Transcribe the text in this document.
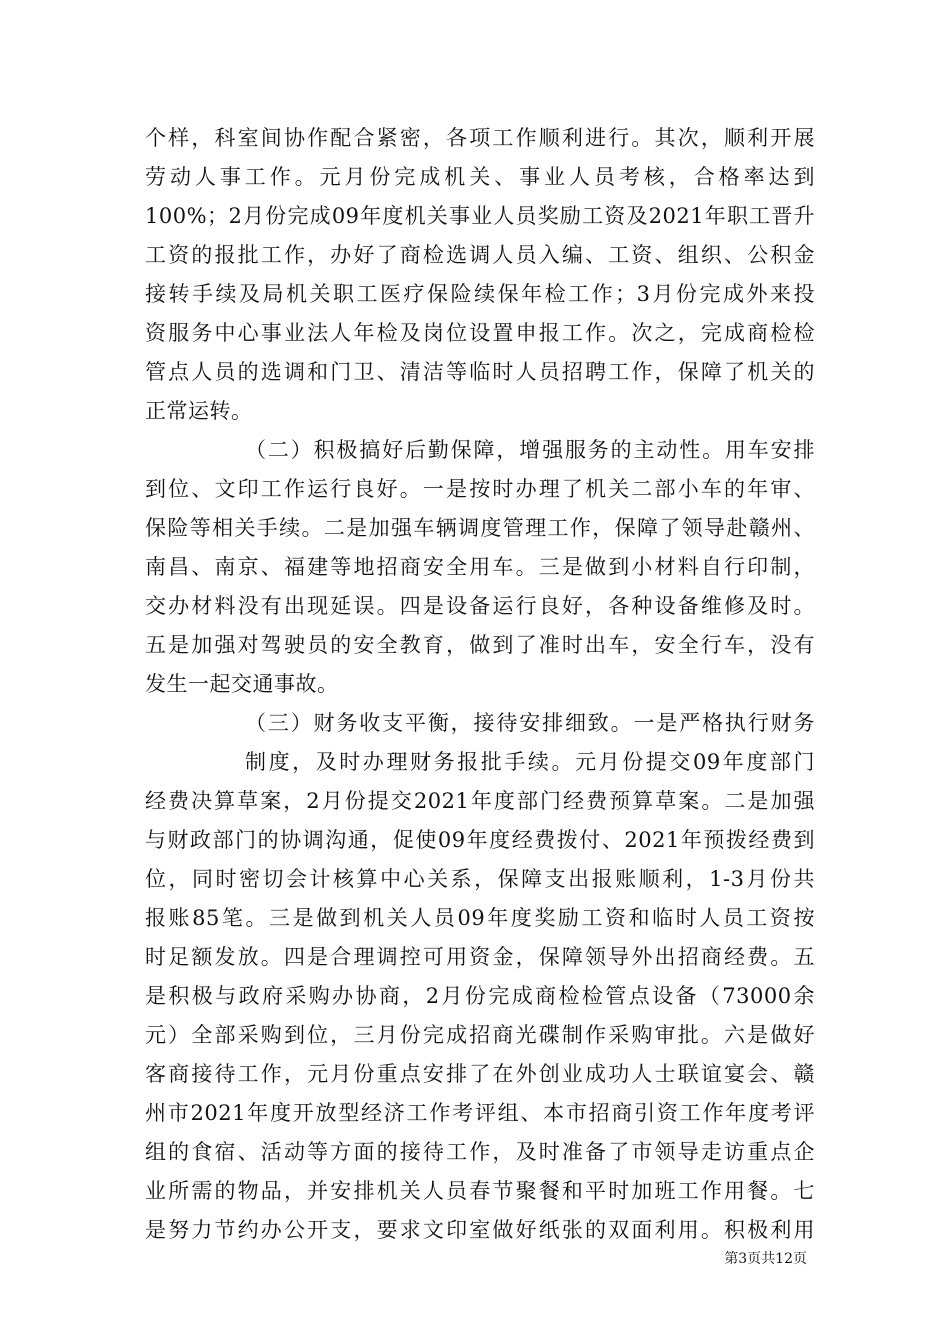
个样，科室间协作配合紧密，各项工作顺利进行。其次，顺利开展
劳动人事工作。元月份完成机关、事业人员考核，合格率达到
100%；2月份完成09年度机关事业人员奖励工资及2021年职工晋升
工资的报批工作，办好了商检选调人员入编、工资、组织、公积金
接转手续及局机关职工医疗保险续保年检工作；3月份完成外来投
资服务中心事业法人年检及岗位设置申报工作。次之，完成商检检
管点人员的选调和门卫、清洁等临时人员招聘工作，保障了机关的
正常运转。
（二）积极搞好后勤保障，增强服务的主动性。用车安排
到位、文印工作运行良好。一是按时办理了机关二部小车的年审、
保险等相关手续。二是加强车辆调度管理工作，保障了领导赴赣州、
南昌、南京、福建等地招商安全用车。三是做到小材料自行印制，
交办材料没有出现延误。四是设备运行良好，各种设备维修及时。
五是加强对驾驶员的安全教育，做到了准时出车，安全行车，没有
发生一起交通事故。
（三）财务收支平衡，接待安排细致。一是严格执行财务
制度，及时办理财务报批手续。元月份提交09年度部门
经费决算草案，2月份提交2021年度部门经费预算草案。二是加强
与财政部门的协调沟通，促使09年度经费拨付、2021年预拨经费到
位，同时密切会计核算中心关系，保障支出报账顺利，1-3月份共
报账85笔。三是做到机关人员09年度奖励工资和临时人员工资按
时足额发放。四是合理调控可用资金，保障领导外出招商经费。五
是积极与政府采购办协商，2月份完成商检检管点设备（73000余
元）全部采购到位，三月份完成招商光碟制作采购审批。六是做好
客商接待工作，元月份重点安排了在外创业成功人士联谊宴会、赣
州市2021年度开放型经济工作考评组、本市招商引资工作年度考评
组的食宿、活动等方面的接待工作，及时准备了市领导走访重点企
业所需的物品，并安排机关人员春节聚餐和平时加班工作用餐。七
是努力节约办公开支，要求文印室做好纸张的双面利用。积极利用
第3页共12页
